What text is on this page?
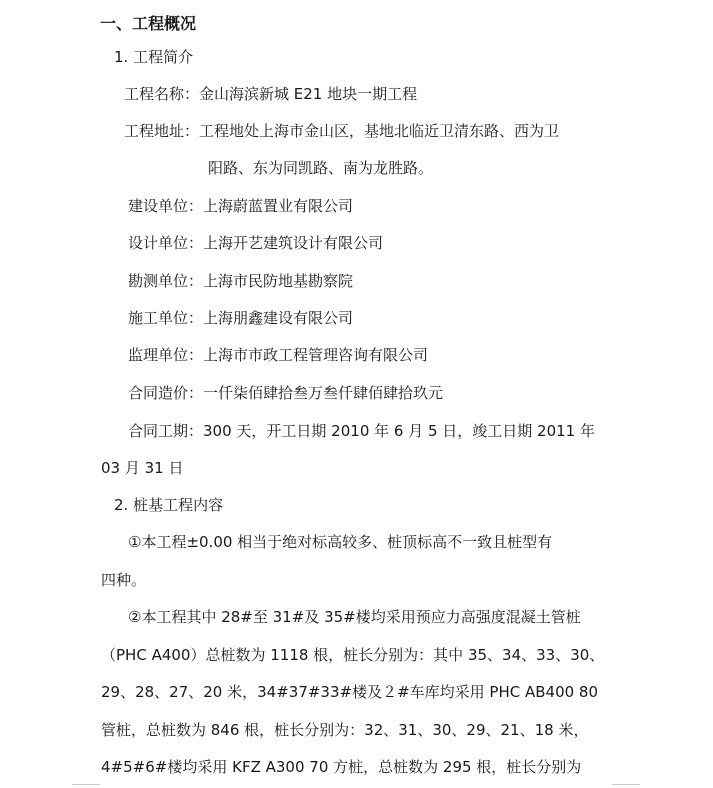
一、工程概况
1. 工程简介
工程名称：金山海滨新城 E21 地块一期工程
工程地址：工程地处上海市金山区，基地北临近卫清东路、西为卫
阳路、东为同凯路、南为龙胜路。
建设单位：上海蔚蓝置业有限公司
设计单位：上海开艺建筑设计有限公司
勘测单位：上海市民防地基勘察院
施工单位：上海朋鑫建设有限公司
监理单位：上海市市政工程管理咨询有限公司
合同造价：一仟柒佰肆拾叁万叁仟肆佰肆拾玖元
合同工期：300 天，开工日期 2010 年 6 月 5 日，竣工日期 2011 年
03 月 31 日
2. 桩基工程内容
①本工程±0.00 相当于绝对标高较多、桩顶标高不一致且桩型有
四种。
②本工程其中 28#至 31#及 35#楼均采用预应力高强度混凝土管桩
（PHC A400）总桩数为 1118 根，桩长分别为：其中 35、34、33、30、
29、28、27、20 米，34#37#33#楼及２#车库均采用 PHC AB400 80
管桩，总桩数为 846 根，桩长分别为：32、31、30、29、21、18 米，
4#5#6#楼均采用 KFZ A300 70 方桩，总桩数为 295 根，桩长分别为
